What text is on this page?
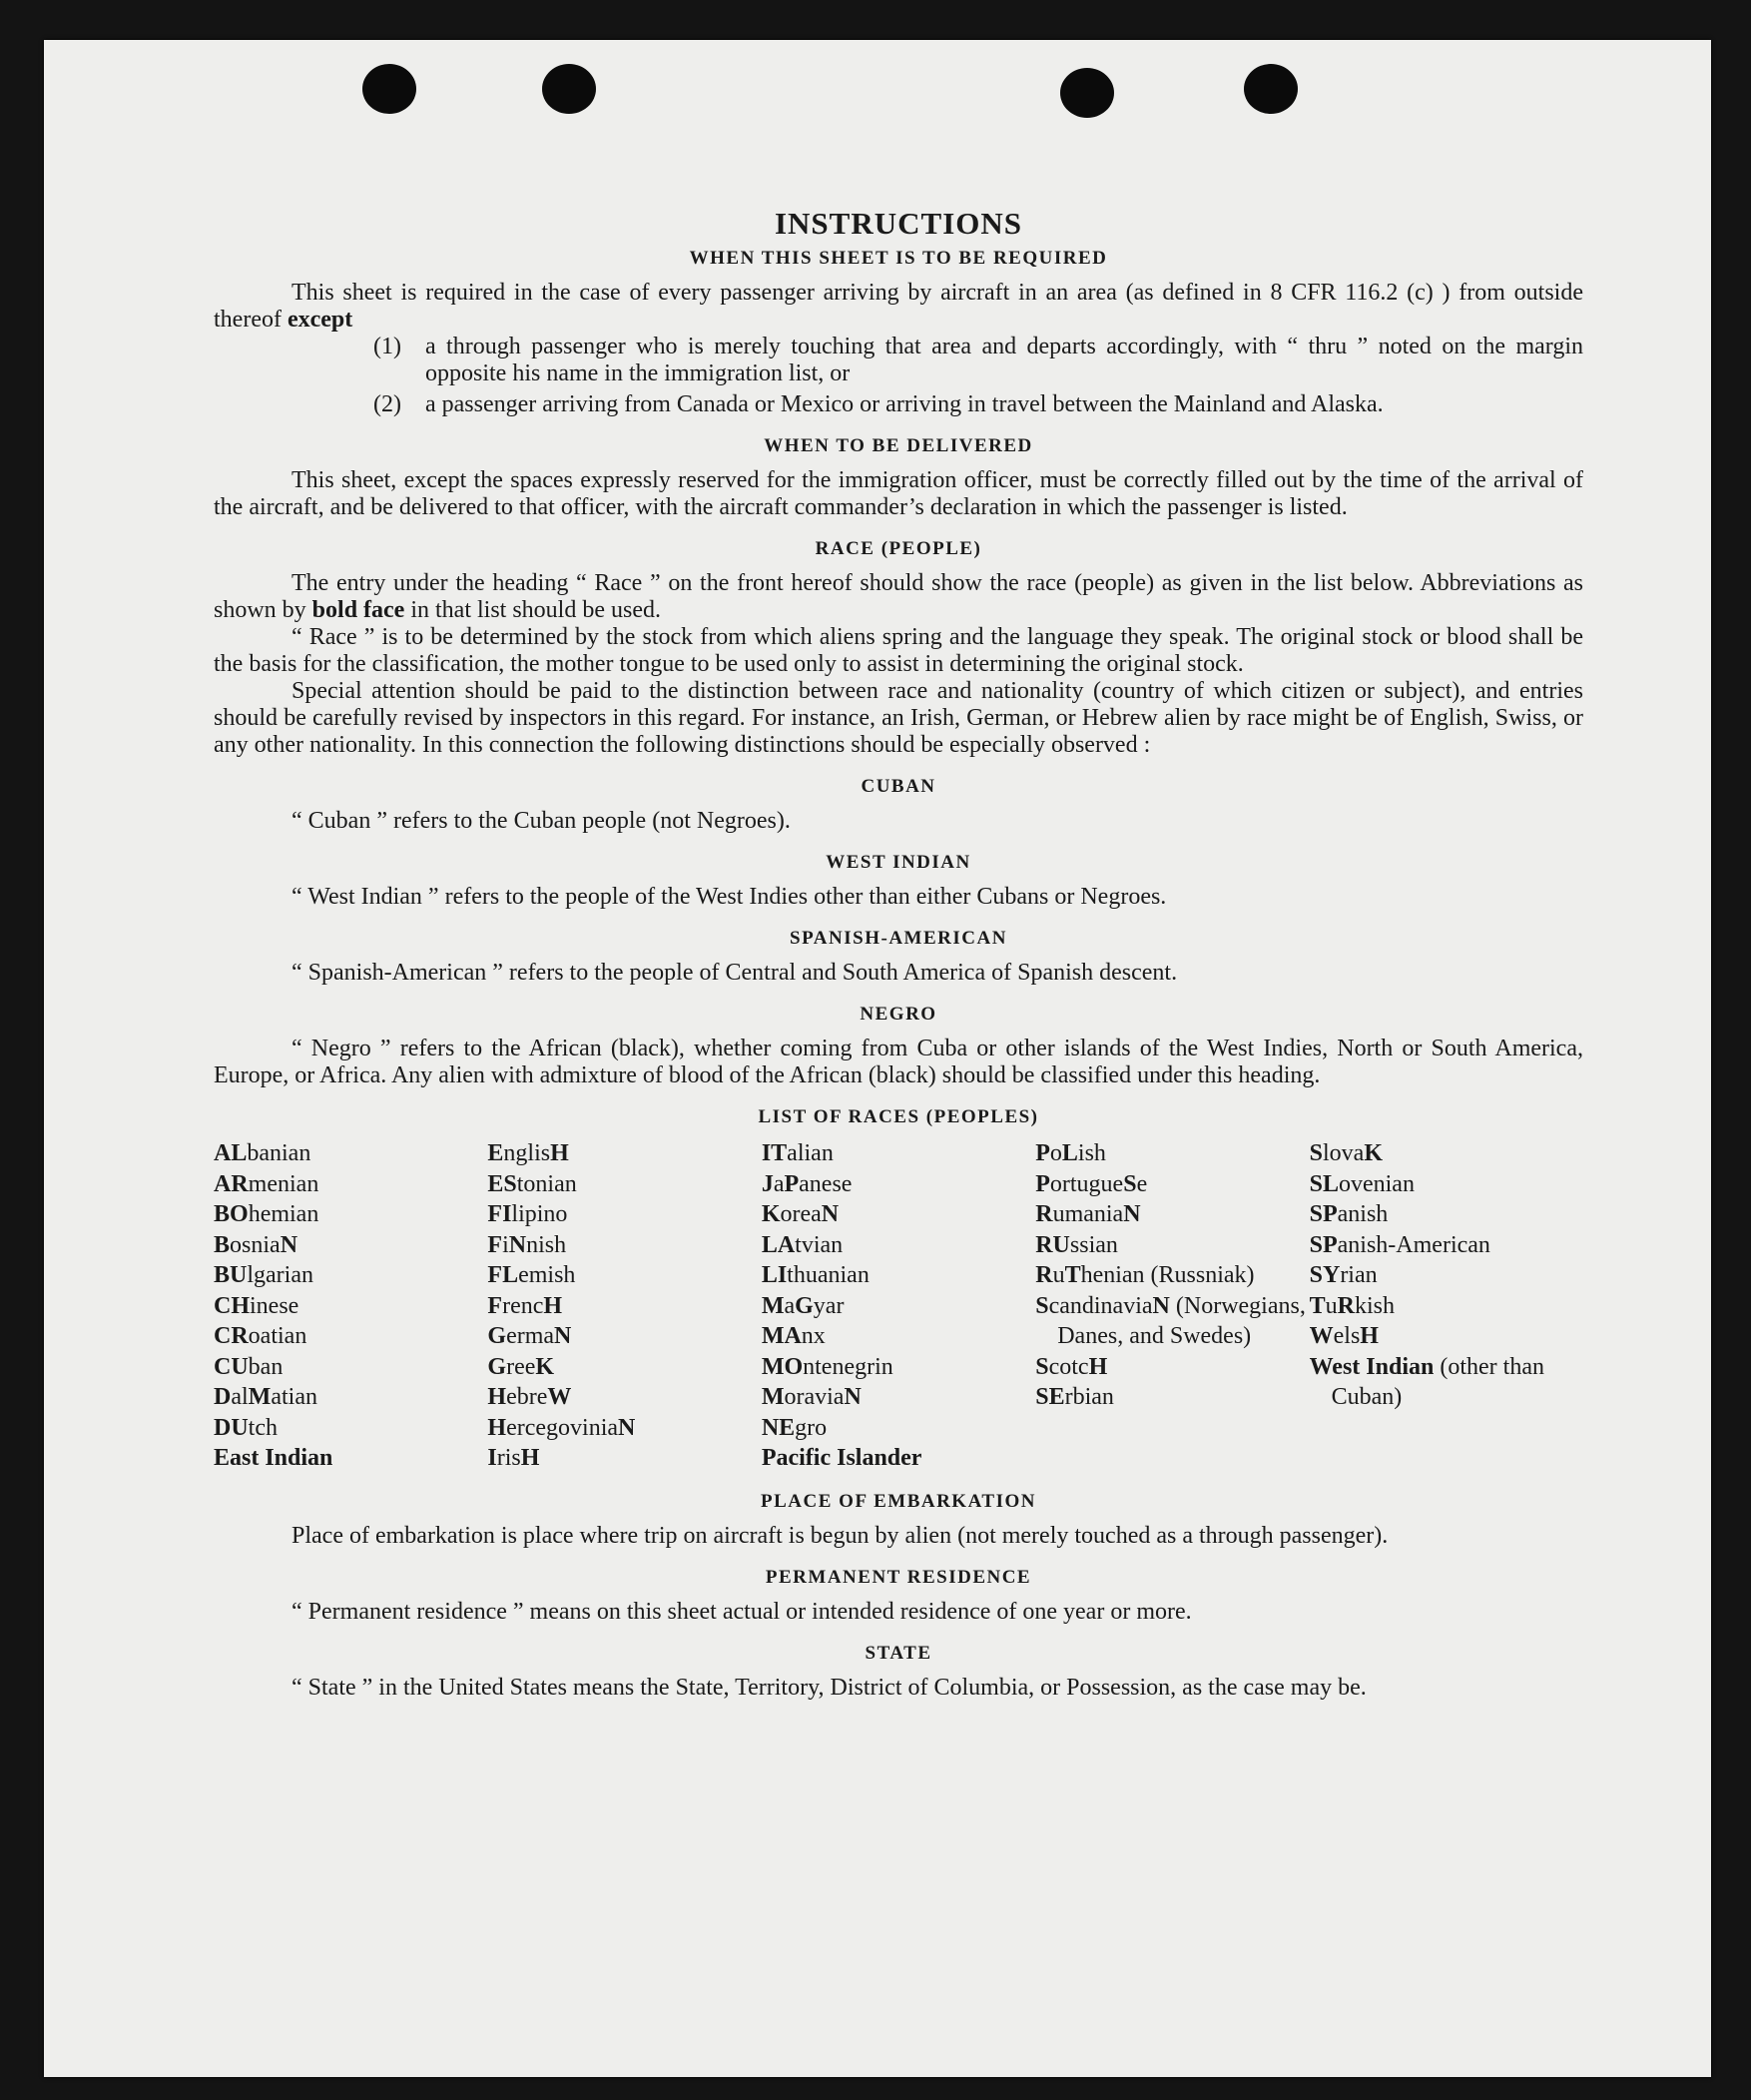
INSTRUCTIONS
WHEN THIS SHEET IS TO BE REQUIRED

This sheet is required in the case of every passenger arriving by aircraft in an area (as defined in 8 CFR 116.2 (c) ) from outside thereof except

(1)	a through passenger who is merely touching that area and departs accordingly, with “ thru ” noted on the margin opposite his name in the immigration list, or
(2)	a passenger arriving from Canada or Mexico or arriving in travel between the Mainland and Alaska.
WHEN TO BE DELIVERED

This sheet, except the spaces expressly reserved for the immigration officer, must be correctly filled out by the time of the arrival of the aircraft, and be delivered to that officer, with the aircraft commander’s declaration in which the passenger is listed.

RACE (PEOPLE)

The entry under the heading “ Race ” on the front hereof should show the race (people) as given in the list below. Abbreviations as shown by bold face in that list should be used.

“ Race ” is to be determined by the stock from which aliens spring and the language they speak. The original stock or blood shall be the basis for the classification, the mother tongue to be used only to assist in determining the original stock.

Special attention should be paid to the distinction between race and nationality (country of which citizen or subject), and entries should be carefully revised by inspectors in this regard. For instance, an Irish, German, or Hebrew alien by race might be of English, Swiss, or any other nationality. In this connection the following distinctions should be especially observed :

CUBAN
“ Cuban ” refers to the Cuban people (not Negroes).
WEST INDIAN
“ West Indian ” refers to the people of the West Indies other than either Cubans or Negroes.
SPANISH-AMERICAN
“ Spanish-American ” refers to the people of Central and South America of Spanish descent.
NEGRO

“ Negro ” refers to the African (black), whether coming from Cuba or other islands of the West Indies, North or South America, Europe, or Africa. Any alien with admixture of blood of the African (black) should be classified under this heading.

LIST OF RACES (PEOPLES)
ALbanian
ARmenian
BOhemian
BosniaN
BUlgarian
CHinese
CRoatian
CUban
DalMatian
DUtch
East Indian
EnglisH
EStonian
FIlipino
FiNnish
FLemish
FrencH
GermaN
GreeK
HebreW
HercegoviniaN
IrisH
ITalian
JaPanese
KoreaN
LAtvian
LIthuanian
MaGyar
MAnx
MOntenegrin
MoraviaN
NEgro
Pacific Islander
PoLish
PortugueSe
RumaniaN
RUssian
RuThenian (Russniak)
ScandinaviaN (Norwegians, Danes, and Swedes)
ScotcH
SErbian
SlovaK
SLovenian
SPanish
SPanish-American
SYrian
TuRkish
WelsH
West Indian (other than Cuban)
PLACE OF EMBARKATION

Place of embarkation is place where trip on aircraft is begun by alien (not merely touched as a through passenger).

PERMANENT RESIDENCE
“ Permanent residence ” means on this sheet actual or intended residence of one year or more.
STATE

“ State ” in the United States means the State, Territory, District of Columbia, or Possession, as the case may be.
